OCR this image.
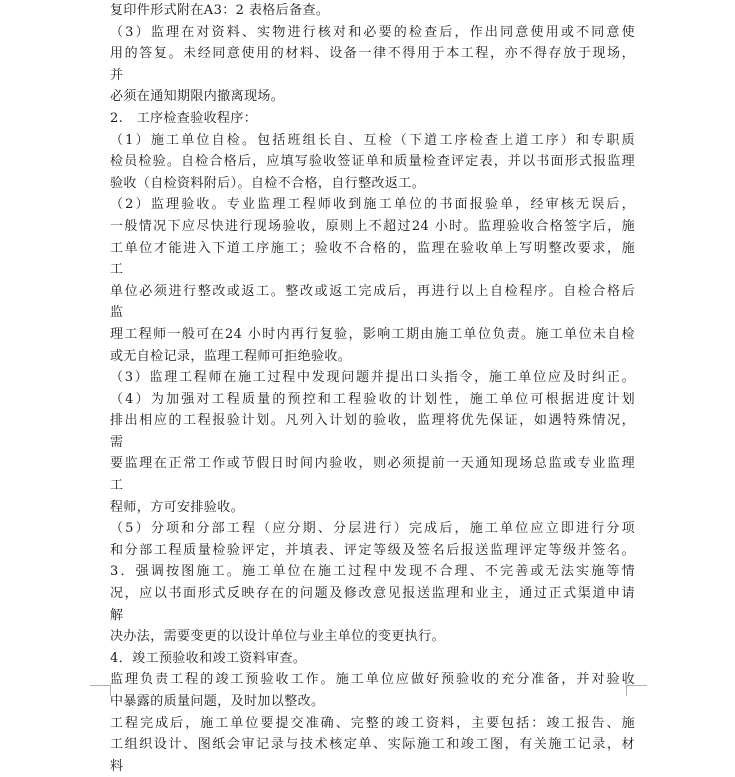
复印件形式附在A3：2 表格后备查。
（3）监理在对资料、实物进行核对和必要的检查后，作出同意使用或不同意使
用的答复。未经同意使用的材料、设备一律不得用于本工程，亦不得存放于现场，
并
必须在通知期限内撤离现场。
2.　工序检查验收程序：
（1）施工单位自检。包括班组长自、互检（下道工序检查上道工序）和专职质
检员检验。自检合格后，应填写验收签证单和质量检查评定表，并以书面形式报监理
验收（自检资料附后）。自检不合格，自行整改返工。
（2）监理验收。专业监理工程师收到施工单位的书面报验单，经审核无误后，
一般情况下应尽快进行现场验收，原则上不超过24 小时。监理验收合格签字后，施
工单位才能进入下道工序施工；验收不合格的，监理在验收单上写明整改要求，施
工
单位必须进行整改或返工。整改或返工完成后，再进行以上自检程序。自检合格后
监
理工程师一般可在24 小时内再行复验，影响工期由施工单位负责。施工单位未自检
或无自检记录，监理工程师可拒绝验收。
（3）监理工程师在施工过程中发现问题并提出口头指令，施工单位应及时纠正。
（4）为加强对工程质量的预控和工程验收的计划性，施工单位可根据进度计划
排出相应的工程报验计划。凡列入计划的验收，监理将优先保证，如遇特殊情况，
需
要监理在正常工作或节假日时间内验收，则必须提前一天通知现场总监或专业监理
工
程师，方可安排验收。
（5）分项和分部工程（应分期、分层进行）完成后，施工单位应立即进行分项
和分部工程质量检验评定，并填表、评定等级及签名后报送监理评定等级并签名。
3．强调按图施工。施工单位在施工过程中发现不合理、不完善或无法实施等情
况，应以书面形式反映存在的问题及修改意见报送监理和业主，通过正式渠道申请
解
决办法，需要变更的以设计单位与业主单位的变更执行。
4．竣工预验收和竣工资料审查。
监理负责工程的竣工预验收工作。施工单位应做好预验收的充分准备，并对验收
中暴露的质量问题，及时加以整改。
工程完成后，施工单位要提交准确、完整的竣工资料，主要包括：竣工报告、施
工组织设计、图纸会审记录与技术核定单、实际施工和竣工图，有关施工记录，材
料
